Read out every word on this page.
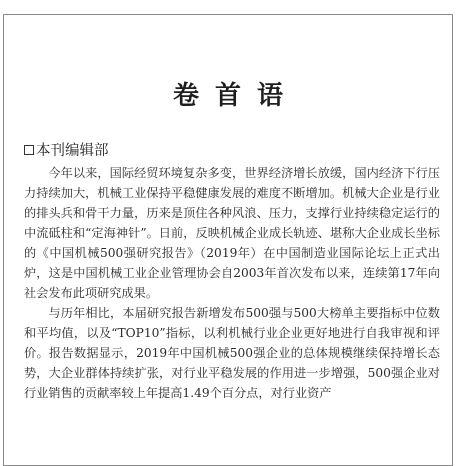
卷首语
本刊编辑部

今年以来，国际经贸环境复杂多变，世界经济增长放缓，国内经济下行压力持续加大，机械工业保持平稳健康发展的难度不断增加。机械大企业是行业的排头兵和骨干力量，历来是顶住各种风浪、压力，支撑行业持续稳定运行的中流砥柱和“定海神针”。日前，反映机械企业成长轨迹、堪称大企业成长坐标的《中国机械500强研究报告》（2019年）在中国制造业国际论坛上正式出炉，这是中国机械工业企业管理协会自2003年首次发布以来，连续第17年向社会发布此项研究成果。

与历年相比，本届研究报告新增发布500强与500大榜单主要指标中位数和平均值，以及“TOP10”指标，以利机械行业企业更好地进行自我审视和评价。报告数据显示，2019年中国机械500强企业的总体规模继续保持增长态势，大企业群体持续扩张，对行业平稳发展的作用进一步增强，500强企业对行业销售的贡献率较上年提高1.49个百分点，对行业资产
